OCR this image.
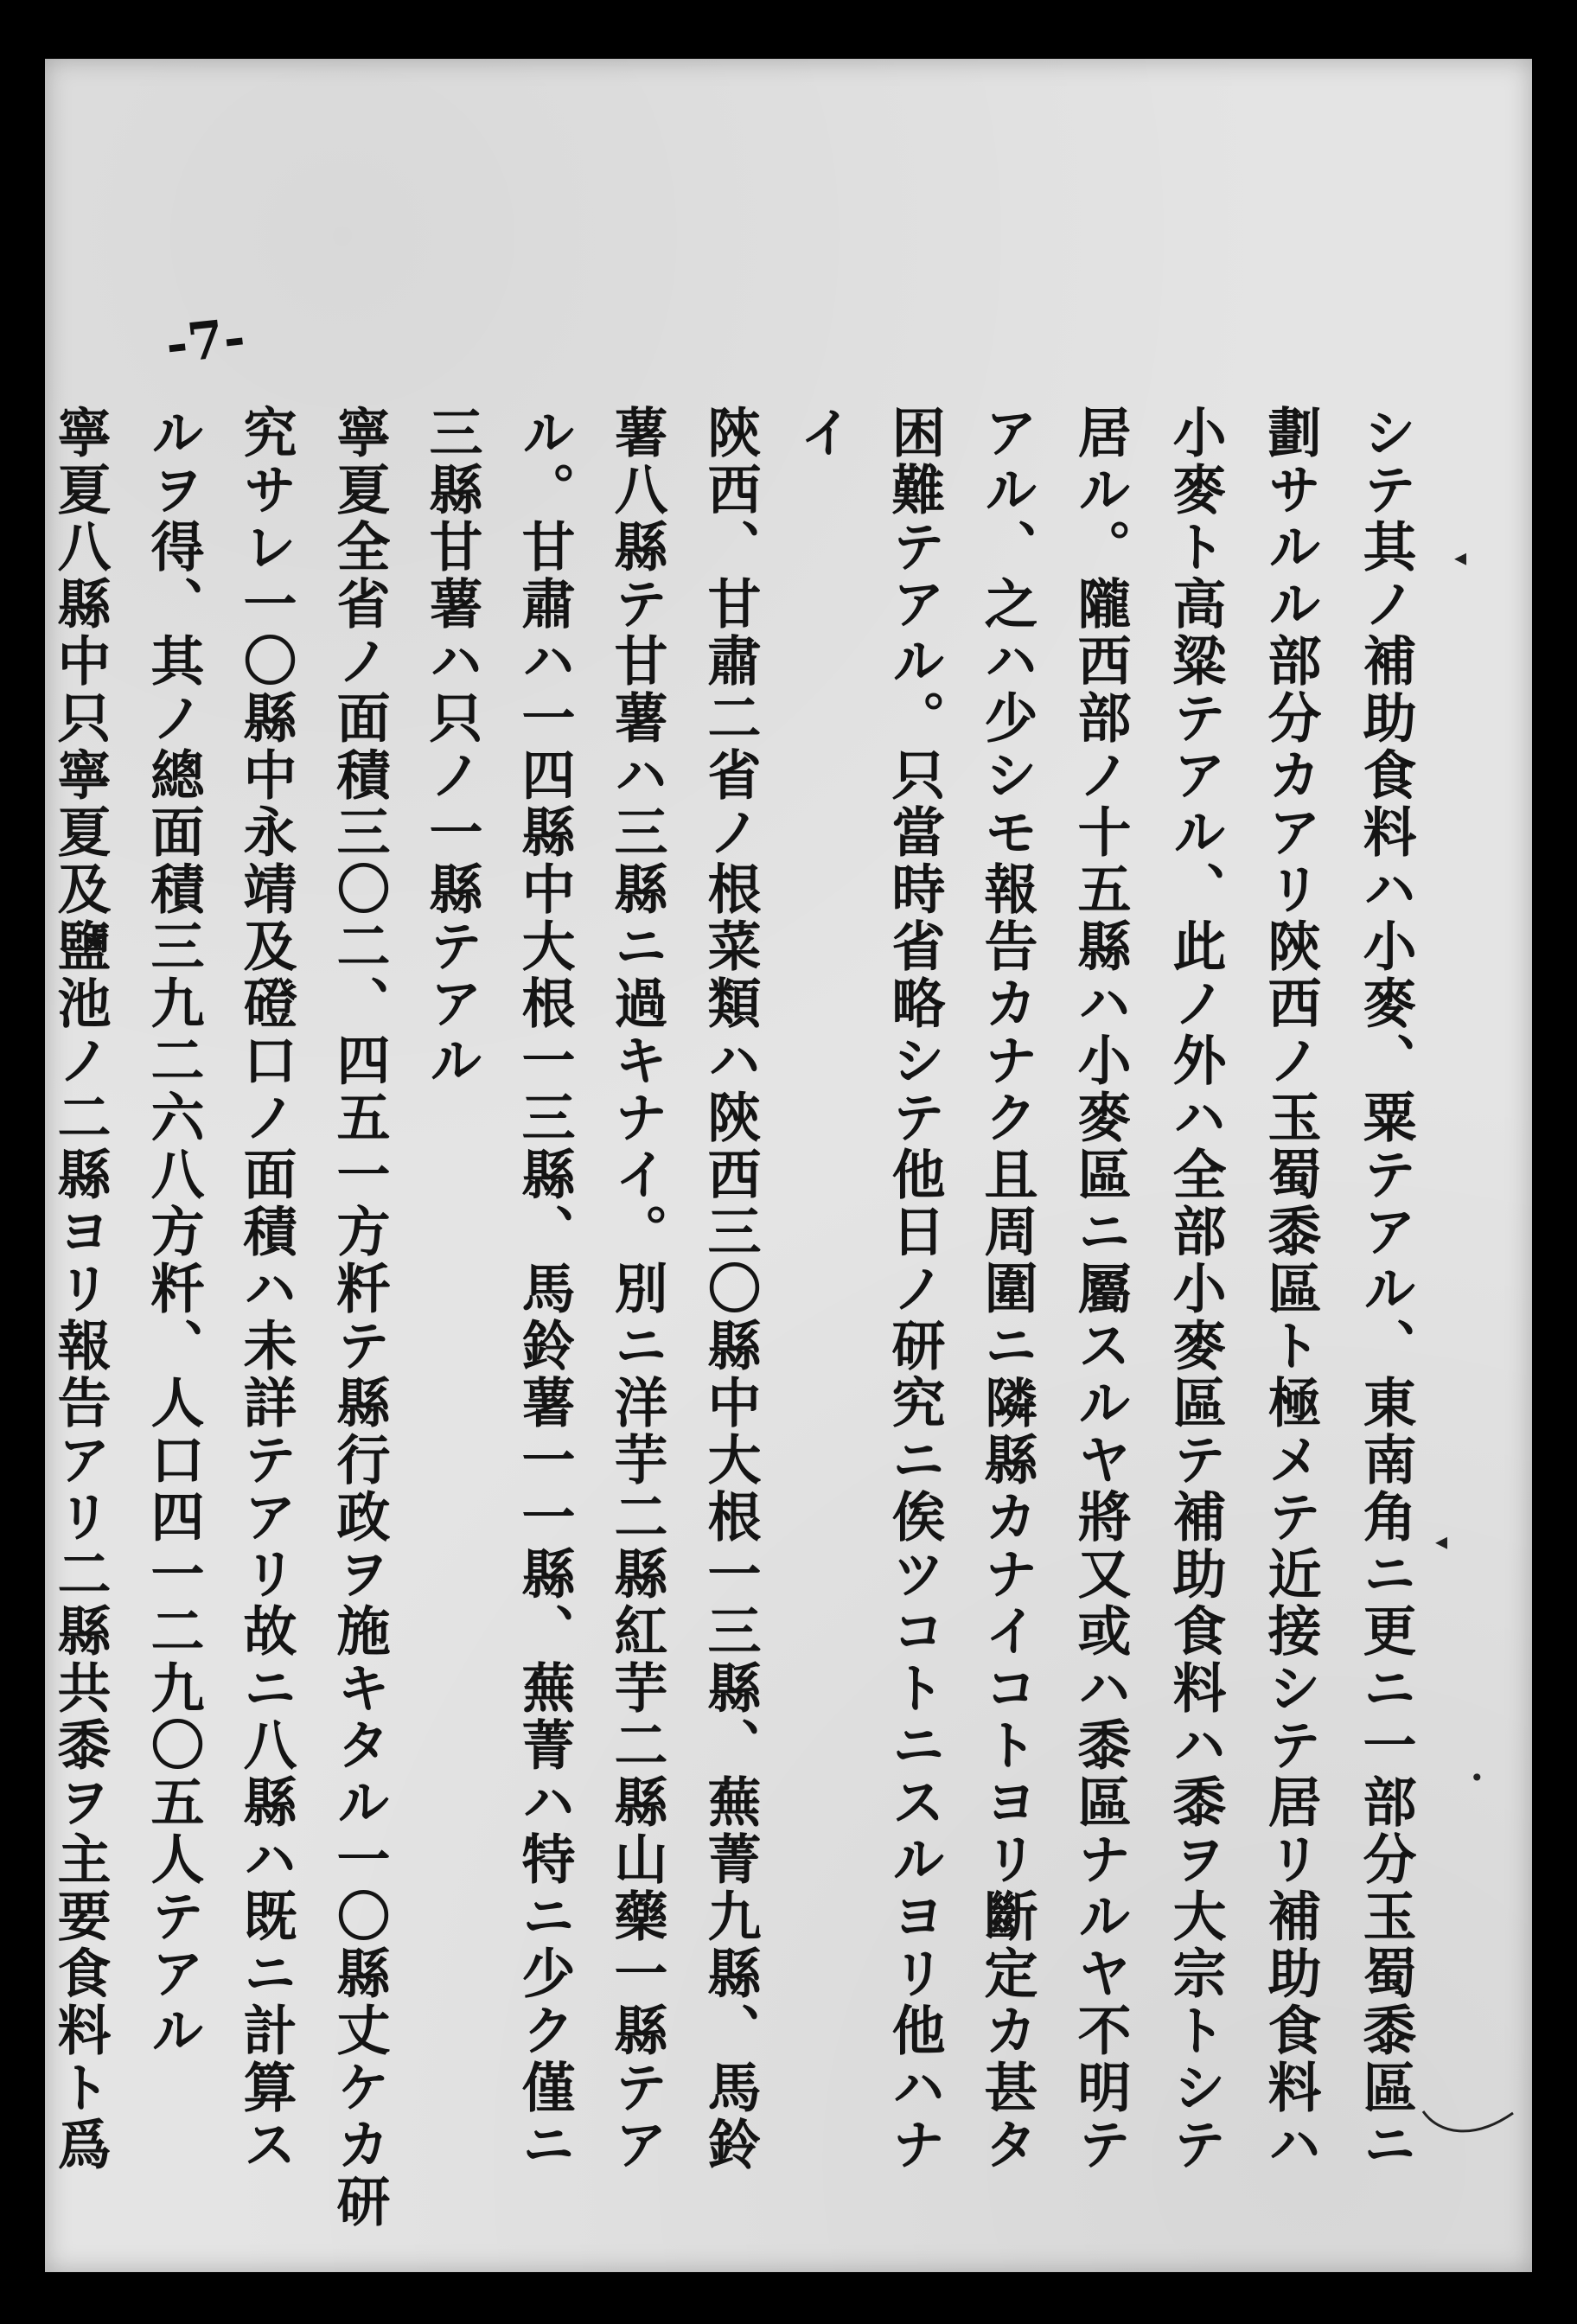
-7-
シテ其ノ補助食料ハ小麥、粟テアル、東南角ニ更ニ一部分玉蜀黍區ニ
劃サルル部分カアリ陝西ノ玉蜀黍區ト極メテ近接シテ居リ補助食料ハ
小麥ト高粱テアル、此ノ外ハ全部小麥區テ補助食料ハ黍ヲ大宗トシテ
居ル。隴西部ノ十五縣ハ小麥區ニ屬スルヤ將又或ハ黍區ナルヤ不明テ
アル、之ハ少シモ報告カナク且周圍ニ隣縣カナイコトヨリ斷定カ甚タ
困難テアル。只當時省略シテ他日ノ研究ニ俟ツコトニスルヨリ他ハナ
イ
陝西、甘肅二省ノ根菜類ハ陝西三〇縣中大根一三縣、蕪菁九縣、馬鈴
薯八縣テ甘薯ハ三縣ニ過キナイ。別ニ洋芋二縣紅芋二縣山藥一縣テア
ル。甘肅ハ一四縣中大根一三縣、馬鈴薯一一縣、蕪菁ハ特ニ少ク僅ニ
三縣甘薯ハ只ノ一縣テアル
寧夏全省ノ面積三〇二、四五一方粁テ縣行政ヲ施キタル一〇縣丈ケカ研
究サレ一〇縣中永靖及磴口ノ面積ハ未詳テアリ故ニ八縣ハ既ニ計算ス
ルヲ得、其ノ總面積三九二六八方粁、人口四一二九〇五人テアル
寧夏八縣中只寧夏及鹽池ノ二縣ヨリ報告アリ二縣共黍ヲ主要食料ト爲	◂
◂
•
